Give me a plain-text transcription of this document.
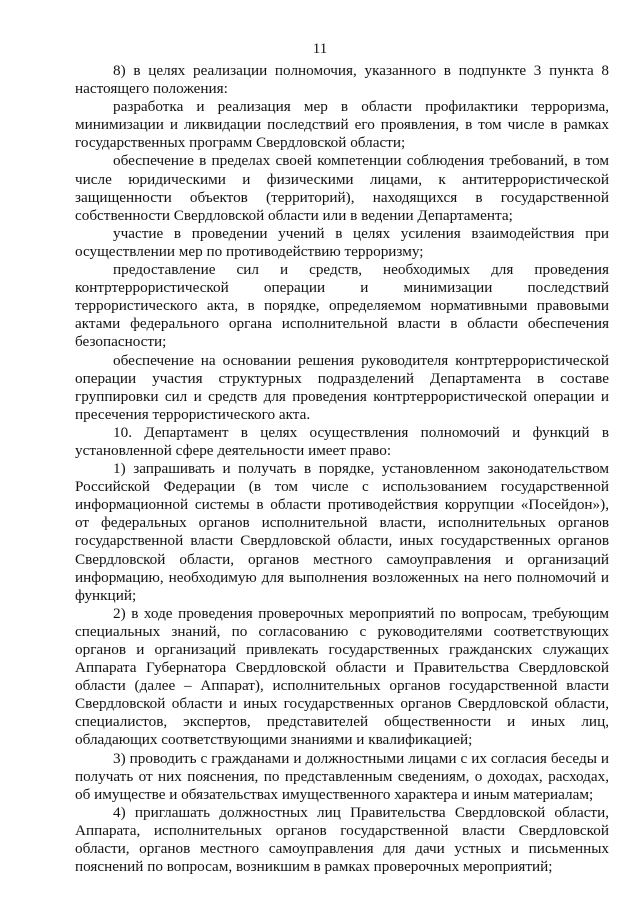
11

8) в целях реализации полномочия, указанного в подпункте 3 пункта 8 настоящего положения:

разработка и реализация мер в области профилактики терроризма, минимизации и ликвидации последствий его проявления, в том числе в рамках государственных программ Свердловской области;

обеспечение в пределах своей компетенции соблюдения требований, в том числе юридическими и физическими лицами, к антитеррористической защищенности объектов (территорий), находящихся в государственной собственности Свердловской области или в ведении Департамента;

участие в проведении учений в целях усиления взаимодействия при осуществлении мер по противодействию терроризму;

предоставление сил и средств, необходимых для проведения контртеррористической операции и минимизации последствий террористического акта, в порядке, определяемом нормативными правовыми актами федерального органа исполнительной власти в области обеспечения безопасности;

обеспечение на основании решения руководителя контртеррористической операции участия структурных подразделений Департамента в составе группировки сил и средств для проведения контртеррористической операции и пресечения террористического акта.

10. Департамент в целях осуществления полномочий и функций в установленной сфере деятельности имеет право:

1) запрашивать и получать в порядке, установленном законодательством Российской Федерации (в том числе с использованием государственной информационной системы в области противодействия коррупции «Посейдон»), от федеральных органов исполнительной власти, исполнительных органов государственной власти Свердловской области, иных государственных органов Свердловской области, органов местного самоуправления и организаций информацию, необходимую для выполнения возложенных на него полномочий и функций;

2) в ходе проведения проверочных мероприятий по вопросам, требующим специальных знаний, по согласованию с руководителями соответствующих органов и организаций привлекать государственных гражданских служащих Аппарата Губернатора Свердловской области и Правительства Свердловской области (далее – Аппарат), исполнительных органов государственной власти Свердловской области и иных государственных органов Свердловской области, специалистов, экспертов, представителей общественности и иных лиц, обладающих соответствующими знаниями и квалификацией;

3) проводить с гражданами и должностными лицами с их согласия беседы и получать от них пояснения, по представленным сведениям, о доходах, расходах, об имуществе и обязательствах имущественного характера и иным материалам;

4) приглашать должностных лиц Правительства Свердловской области, Аппарата, исполнительных органов государственной власти Свердловской области, органов местного самоуправления для дачи устных и письменных пояснений по вопросам, возникшим в рамках проверочных мероприятий;
